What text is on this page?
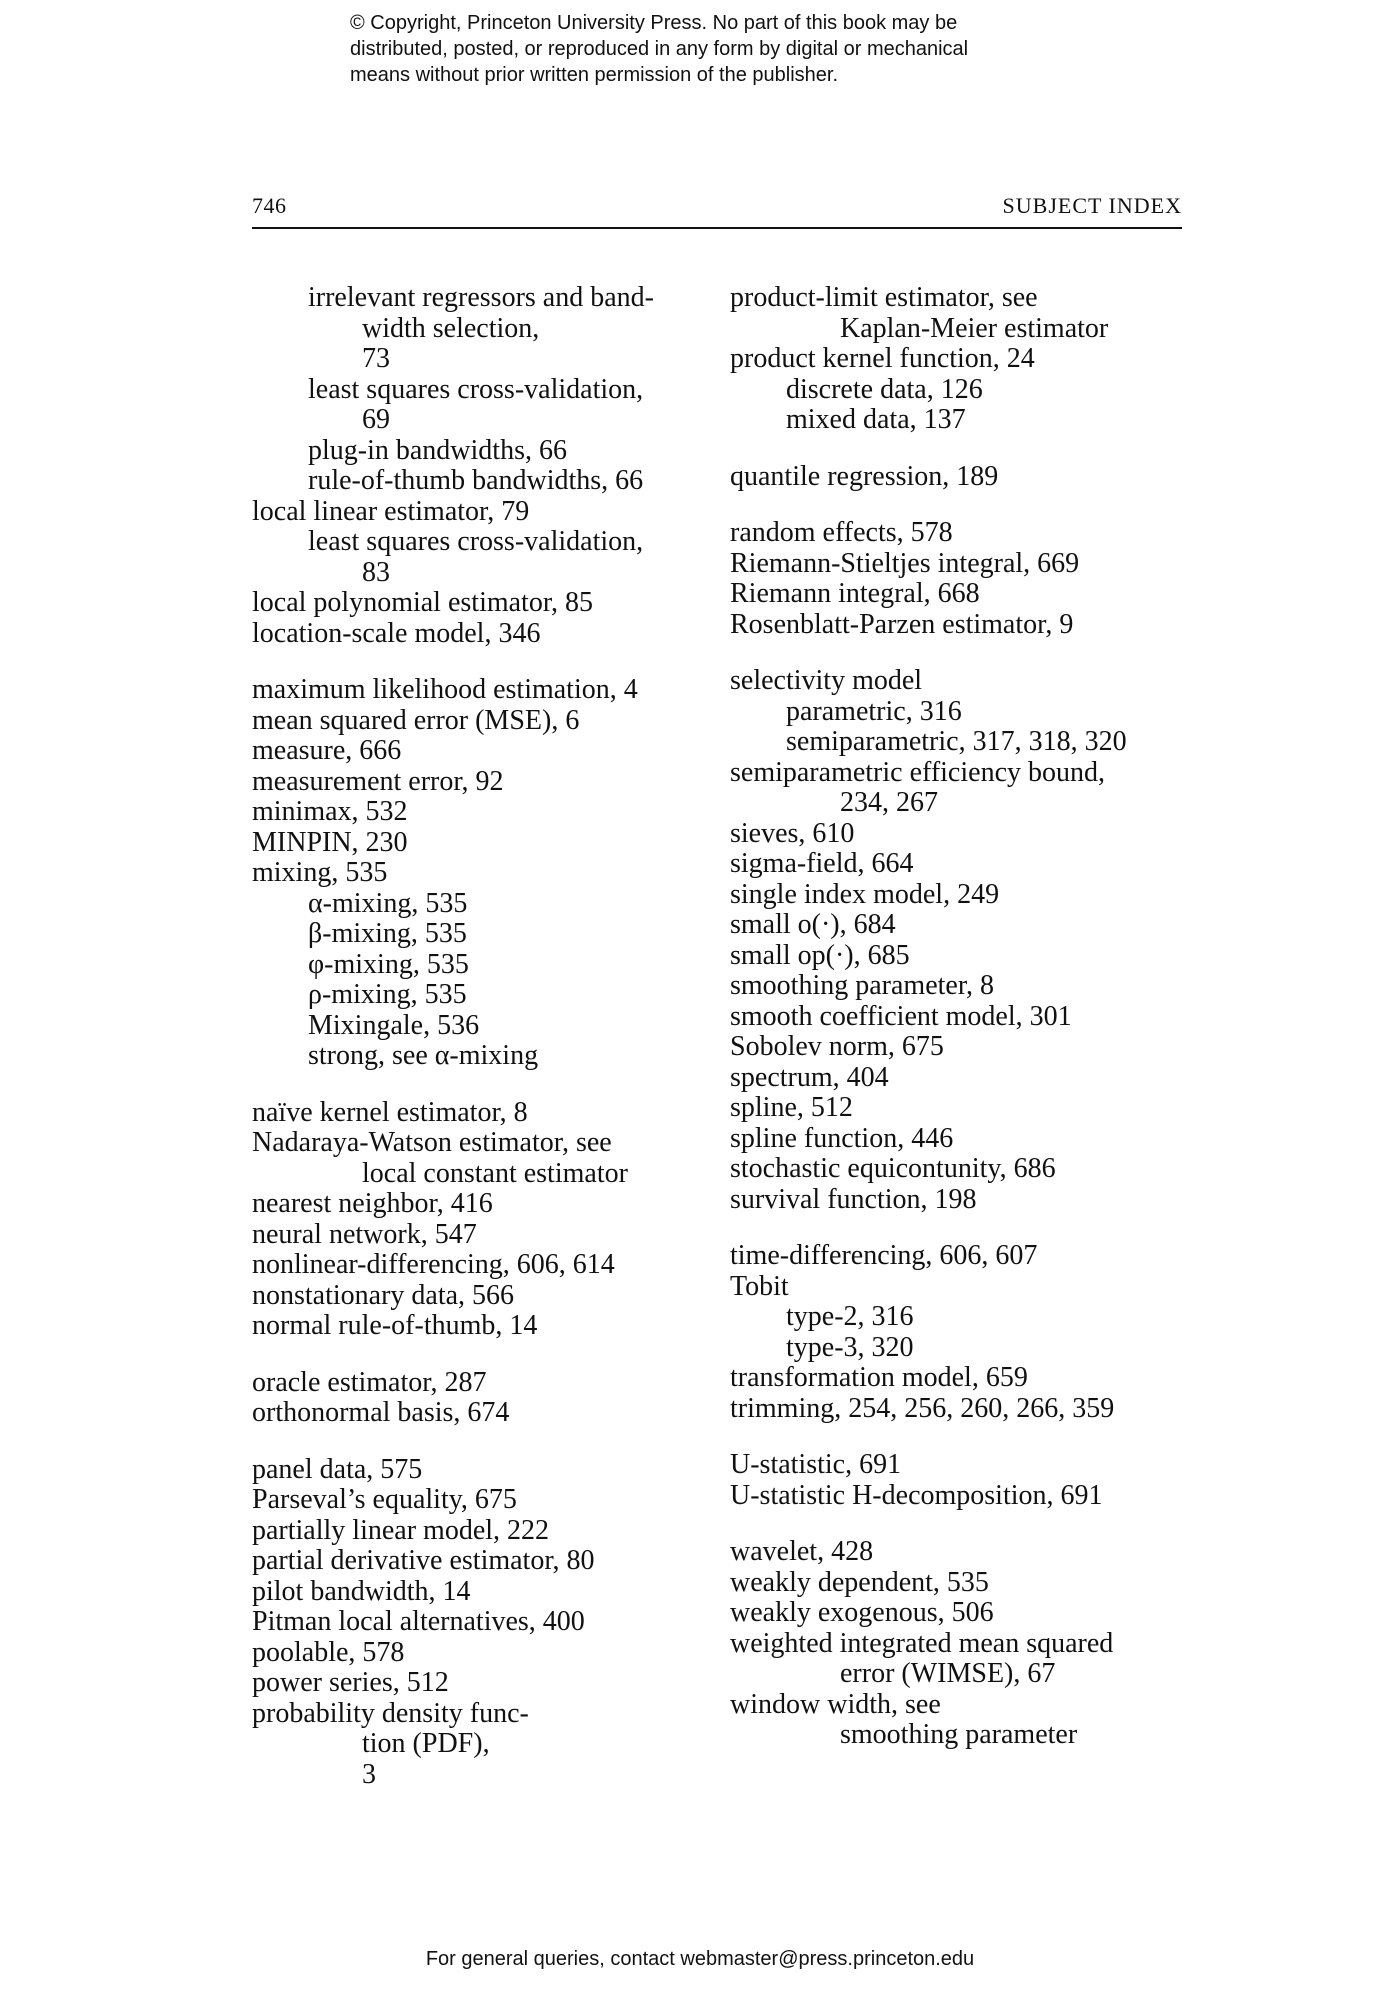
© Copyright, Princeton University Press. No part of this book may be
distributed, posted, or reproduced in any form by digital or mechanical
means without prior written permission of the publisher.
746	SUBJECT INDEX
irrelevant regressors and band-
width selection,
73
least squares cross-validation,
69
plug-in bandwidths, 66
rule-of-thumb bandwidths, 66
local linear estimator, 79
least squares cross-validation,
83
local polynomial estimator, 85
location-scale model, 346
maximum likelihood estimation, 4
mean squared error (MSE), 6
measure, 666
measurement error, 92
minimax, 532
MINPIN, 230
mixing, 535
α-mixing, 535
β-mixing, 535
φ-mixing, 535
ρ-mixing, 535
Mixingale, 536
strong, see α-mixing
naïve kernel estimator, 8
Nadaraya-Watson estimator, see
local constant estimator
nearest neighbor, 416
neural network, 547
nonlinear-differencing, 606, 614
nonstationary data, 566
normal rule-of-thumb, 14
oracle estimator, 287
orthonormal basis, 674
panel data, 575
Parseval’s equality, 675
partially linear model, 222
partial derivative estimator, 80
pilot bandwidth, 14
Pitman local alternatives, 400
poolable, 578
power series, 512
probability density func-
tion (PDF),
3
product-limit estimator, see
Kaplan-Meier estimator
product kernel function, 24
discrete data, 126
mixed data, 137
quantile regression, 189
random effects, 578
Riemann-Stieltjes integral, 669
Riemann integral, 668
Rosenblatt-Parzen estimator, 9
selectivity model
parametric, 316
semiparametric, 317, 318, 320
semiparametric efficiency bound,
234, 267
sieves, 610
sigma-field, 664
single index model, 249
small o(·), 684
small op(·), 685
smoothing parameter, 8
smooth coefficient model, 301
Sobolev norm, 675
spectrum, 404
spline, 512
spline function, 446
stochastic equicontunity, 686
survival function, 198
time-differencing, 606, 607
Tobit
type-2, 316
type-3, 320
transformation model, 659
trimming, 254, 256, 260, 266, 359
U-statistic, 691
U-statistic H-decomposition, 691
wavelet, 428
weakly dependent, 535
weakly exogenous, 506
weighted integrated mean squared
error (WIMSE), 67
window width, see
smoothing parameter
For general queries, contact webmaster@press.princeton.edu
